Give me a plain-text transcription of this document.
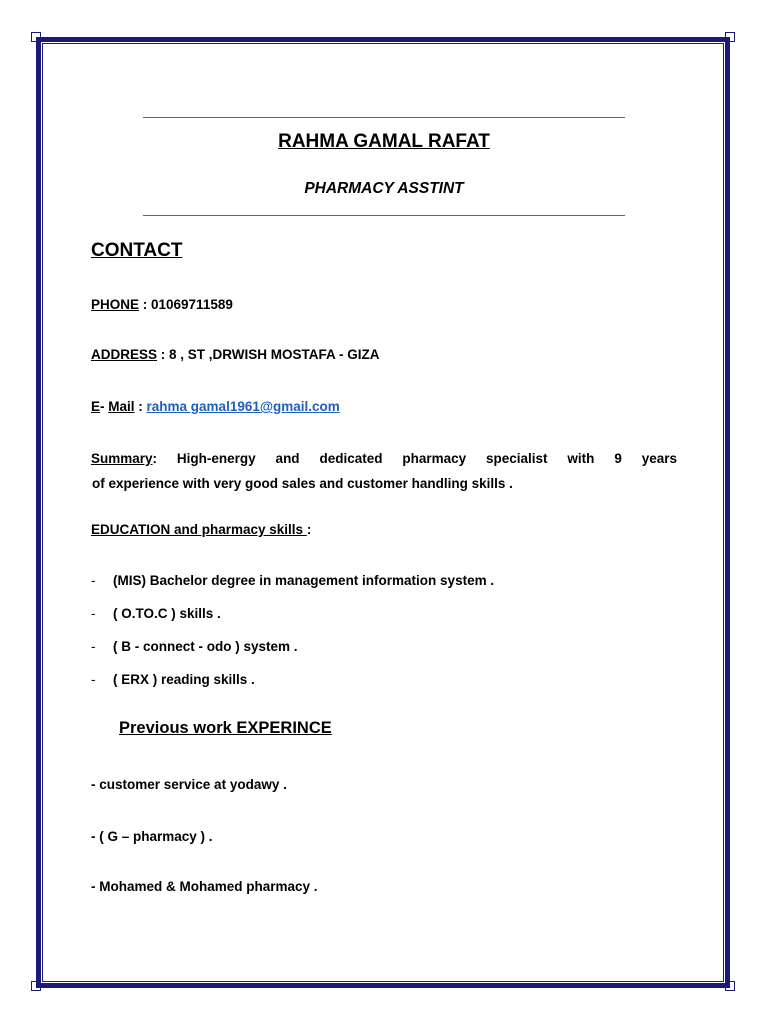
RAHMA GAMAL RAFAT
PHARMACY ASSTINT
CONTACT
PHONE : 01069711589
ADDRESS : 8 , ST ,DRWISH MOSTAFA - GIZA
E- Mail : rahma gamal1961@gmail.com
Summary: High-energy and dedicated pharmacy specialist with 9 years
of experience with very good sales and customer handling skills .
EDUCATION and pharmacy skills :
- (MIS) Bachelor degree in management information system .
- ( O.TO.C ) skills .
- ( B - connect - odo ) system .
- ( ERX ) reading skills .
Previous work EXPERINCE
- customer service at yodawy .
- ( G – pharmacy ) .
- Mohamed & Mohamed pharmacy .
